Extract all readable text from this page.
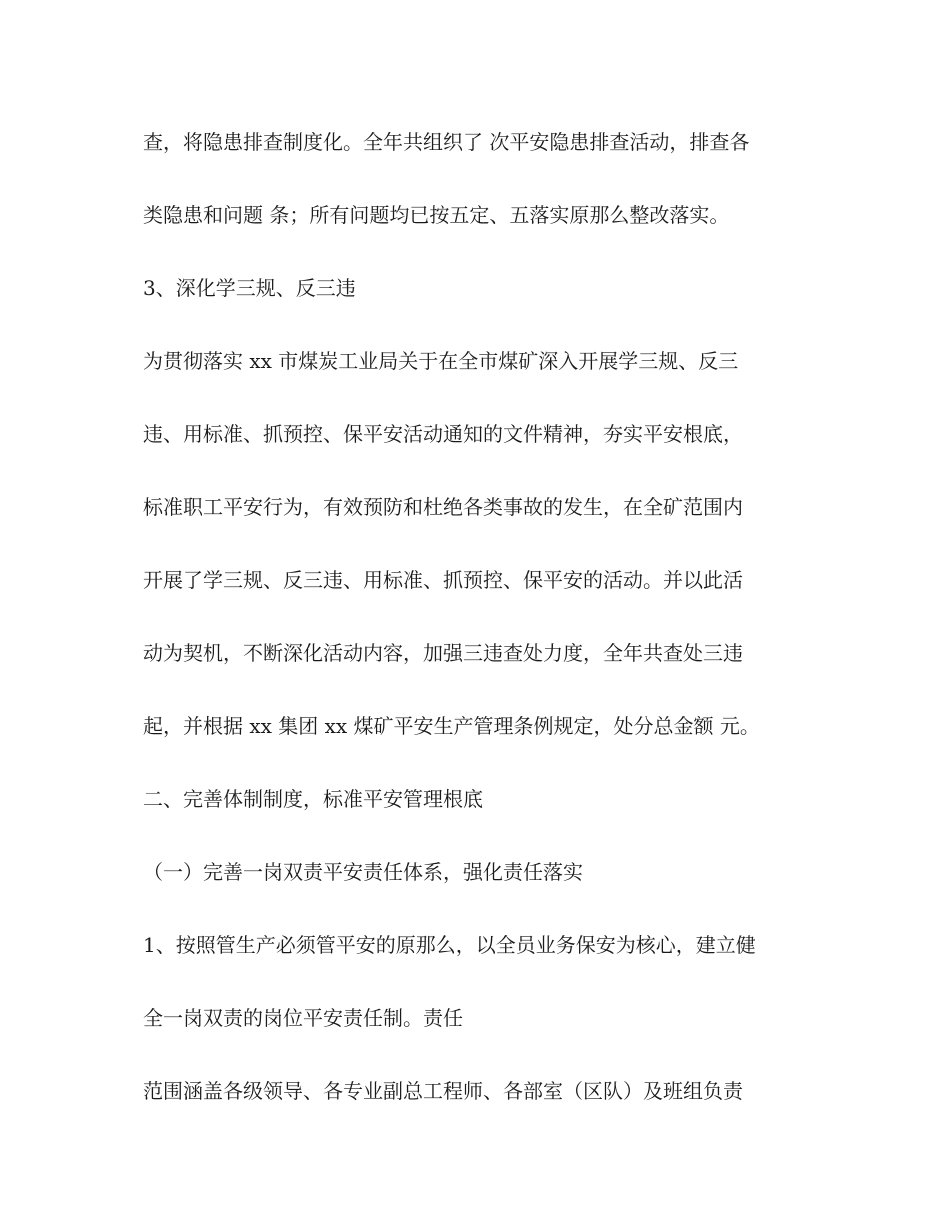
查，将隐患排查制度化。全年共组织了 次平安隐患排查活动，排查各
类隐患和问题 条；所有问题均已按五定、五落实原那么整改落实。
3、深化学三规、反三违
为贯彻落实 xx 市煤炭工业局关于在全市煤矿深入开展学三规、反三
违、用标准、抓预控、保平安活动通知的文件精神，夯实平安根底，
标准职工平安行为，有效预防和杜绝各类事故的发生，在全矿范围内
开展了学三规、反三违、用标准、抓预控、保平安的活动。并以此活
动为契机，不断深化活动内容，加强三违查处力度，全年共查处三违
起，并根据 xx 集团 xx 煤矿平安生产管理条例规定，处分总金额 元。
二、完善体制制度，标准平安管理根底
（一）完善一岗双责平安责任体系，强化责任落实
1、按照管生产必须管平安的原那么，以全员业务保安为核心，建立健
全一岗双责的岗位平安责任制。责任
范围涵盖各级领导、各专业副总工程师、各部室（区队）及班组负责
